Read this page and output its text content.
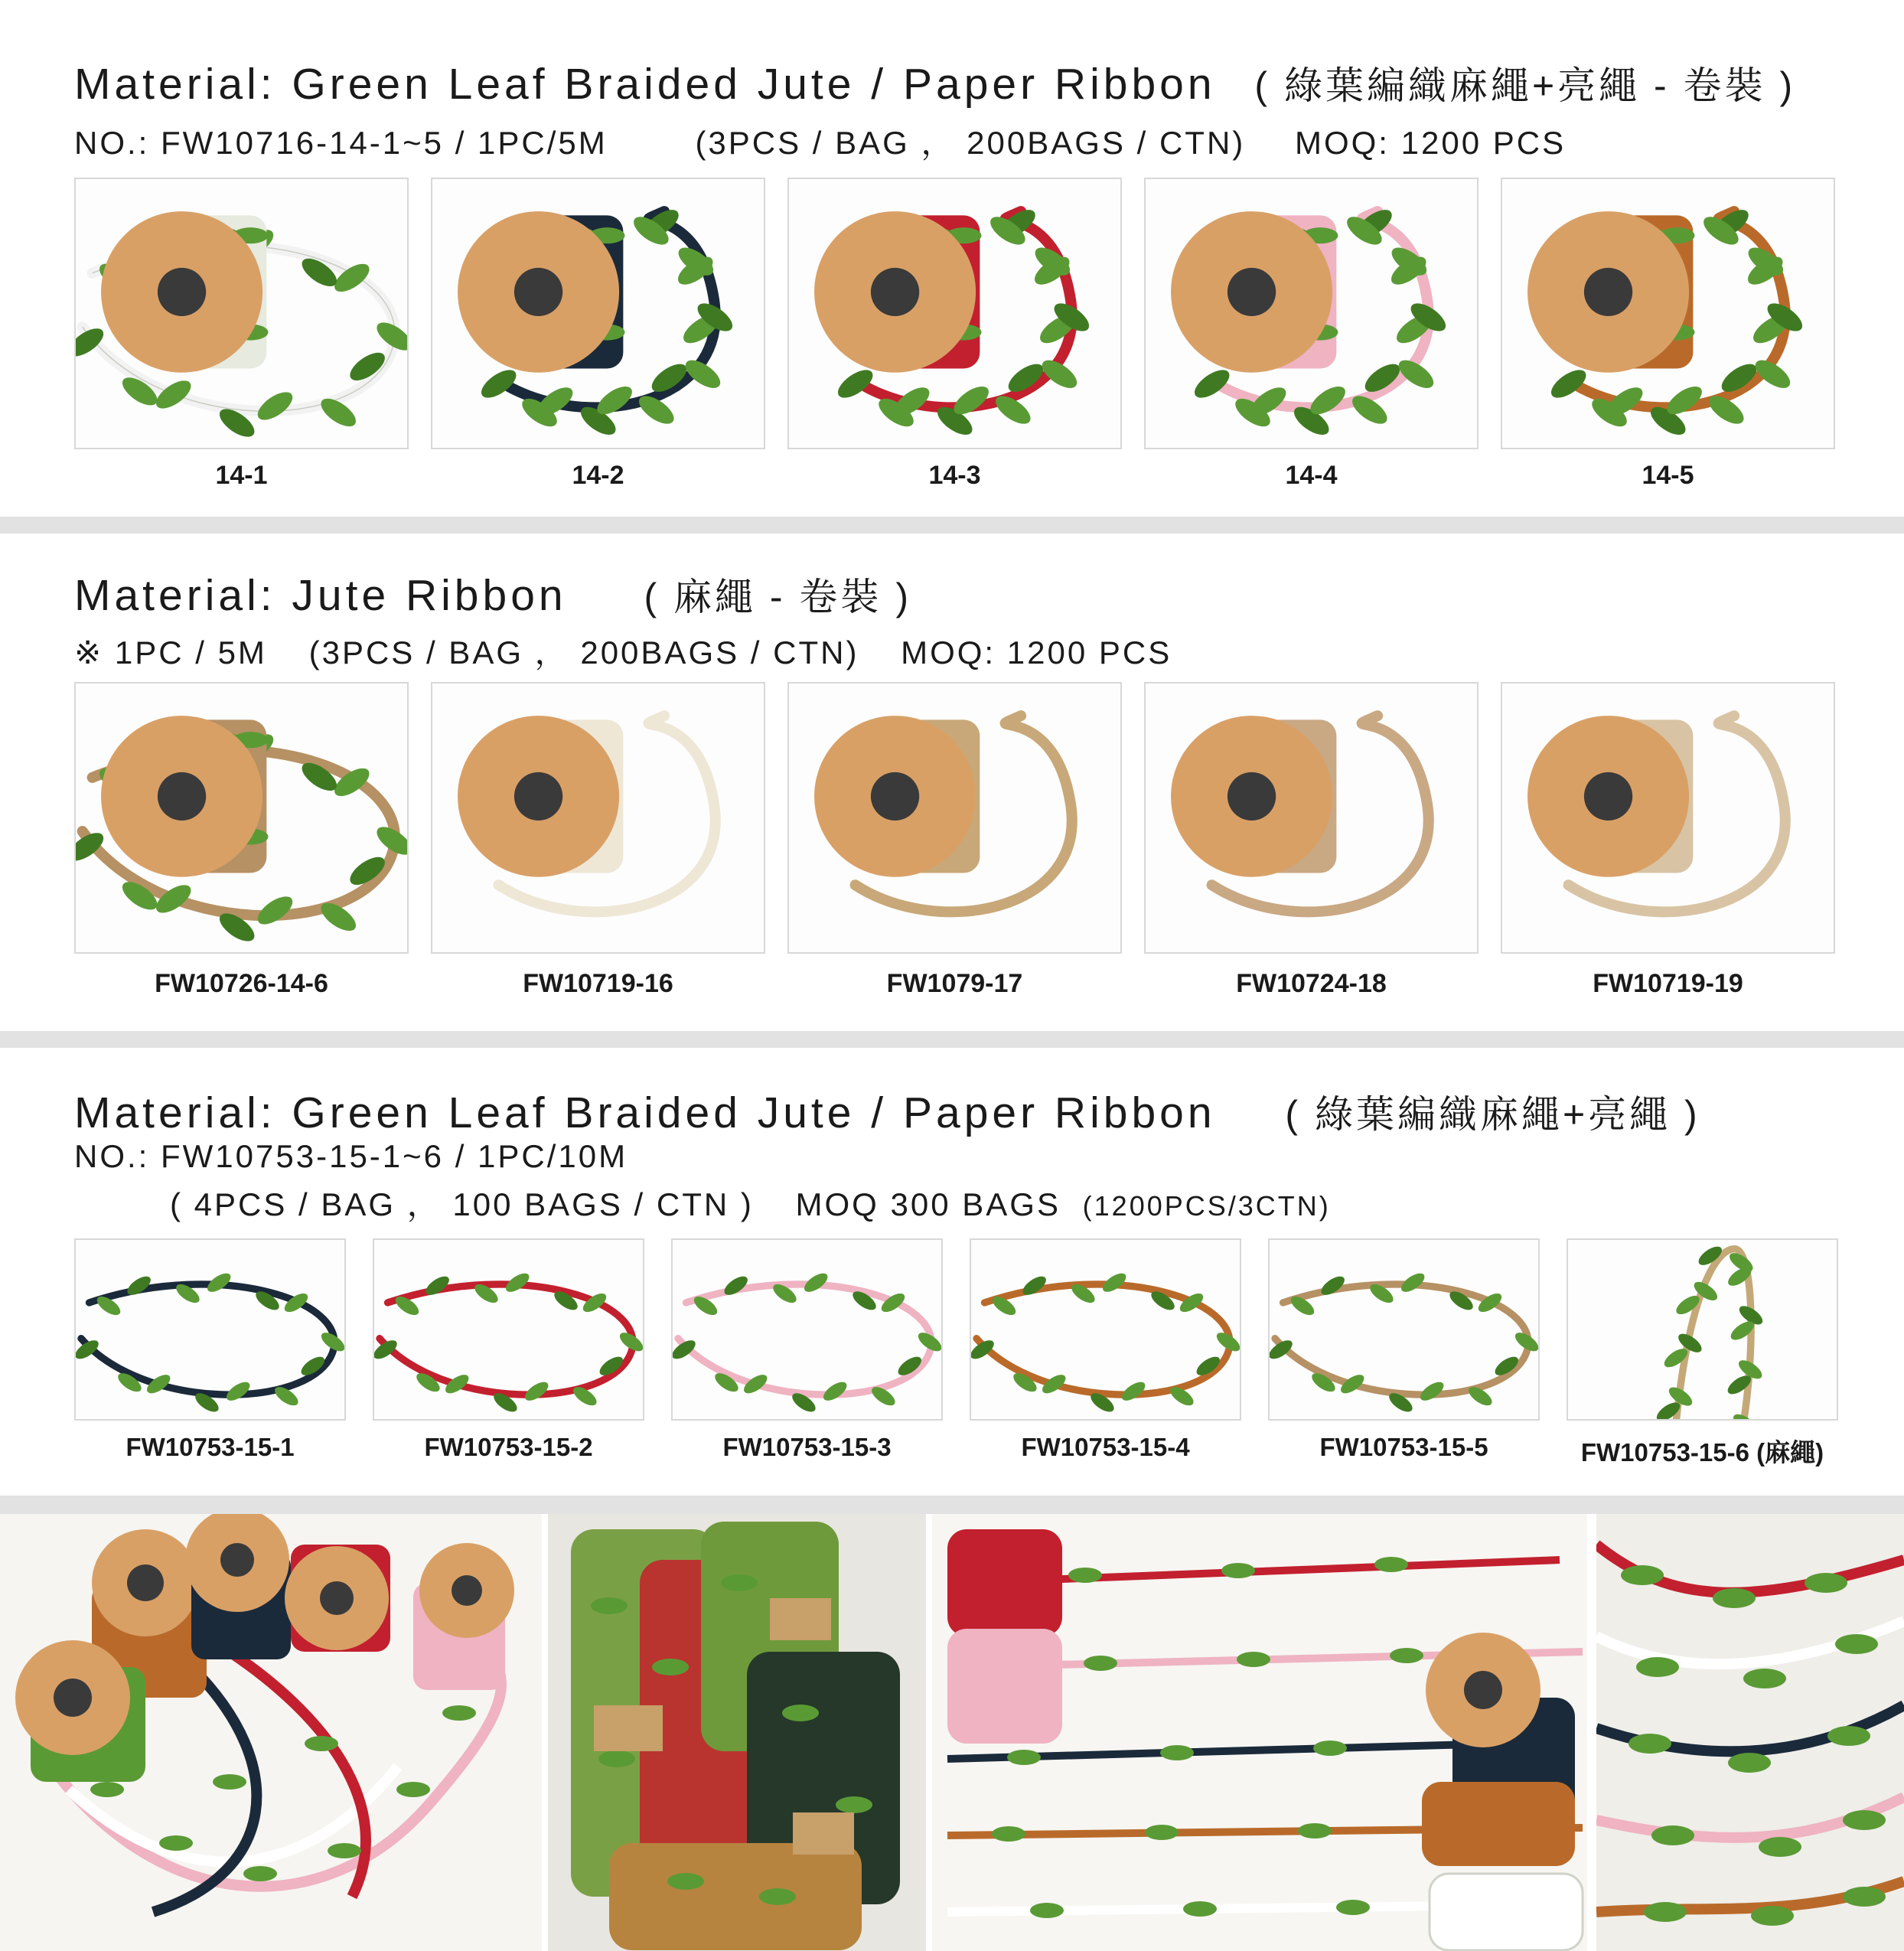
Material: Green Leaf Braided Jute / Paper Ribbon ( 綠葉編織麻繩+亮繩 - 卷裝 )
NO.: FW10716-14-1~5 / 1PC/5M	(3PCS / BAG ， 200BAGS / CTN) MOQ: 1200 PCS
14-1	14-2	14-3	14-4	14-5
Material: Jute Ribbon ( 麻繩 - 卷裝 )
※ 1PC / 5M (3PCS / BAG ， 200BAGS / CTN) MOQ: 1200 PCS
FW10726-14-6	FW10719-16	FW1079-17	FW10724-18	FW10719-19
Material: Green Leaf Braided Jute / Paper Ribbon ( 綠葉編織麻繩+亮繩 )
NO.: FW10753-15-1~6 / 1PC/10M
( 4PCS / BAG ， 100 BAGS / CTN ) MOQ 300 BAGS (1200PCS/3CTN)
FW10753-15-1	FW10753-15-2	FW10753-15-3	FW10753-15-4	FW10753-15-5	FW10753-15-6 (麻繩)
